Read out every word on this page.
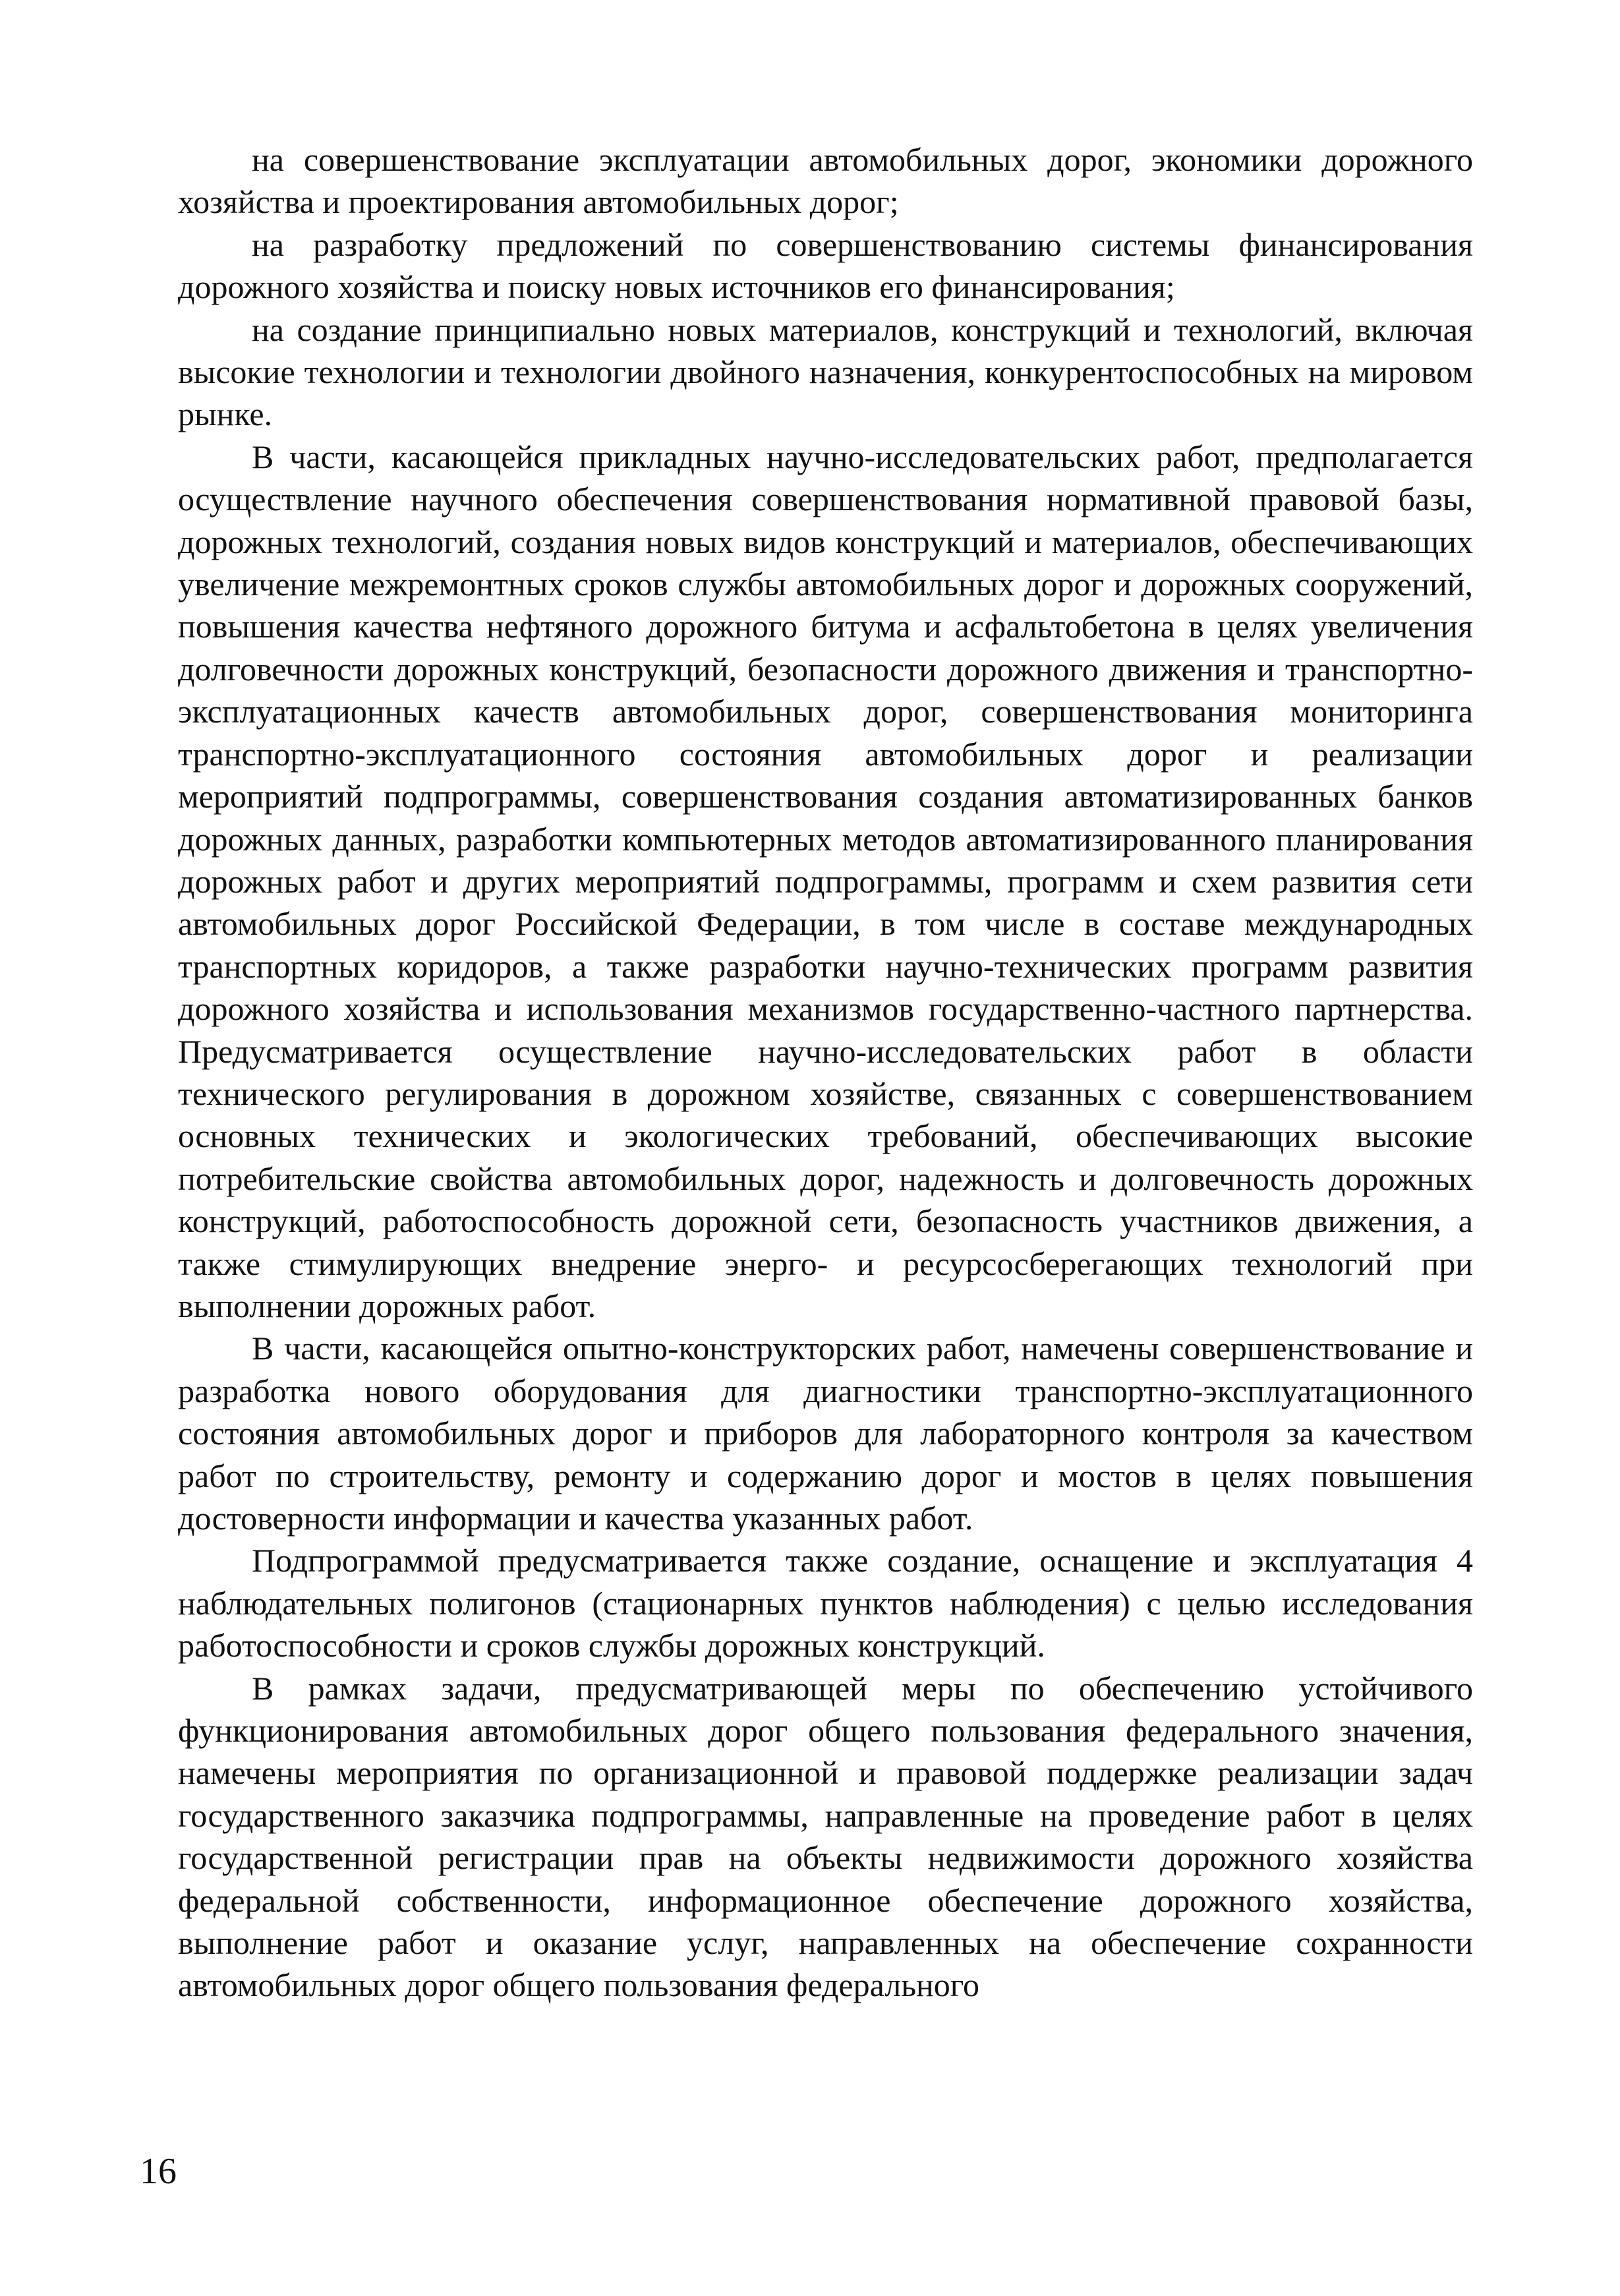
на совершенствование эксплуатации автомобильных дорог, экономики дорожного хозяйства и проектирования автомобильных дорог;

на разработку предложений по совершенствованию системы финансирования дорожного хозяйства и поиску новых источников его финансирования;

на создание принципиально новых материалов, конструкций и технологий, включая высокие технологии и технологии двойного назначения, конкурентоспособных на мировом рынке.

В части, касающейся прикладных научно-исследовательских работ, предполагается осуществление научного обеспечения совершенствования нормативной правовой базы, дорожных технологий, создания новых видов конструкций и материалов, обеспечивающих увеличение межремонтных сроков службы автомобильных дорог и дорожных сооружений, повышения качества нефтяного дорожного битума и асфальтобетона в целях увеличения долговечности дорожных конструкций, безопасности дорожного движения и транспортно-эксплуатационных качеств автомобильных дорог, совершенствования мониторинга транспортно-эксплуатационного состояния автомобильных дорог и реализации мероприятий подпрограммы, совершенствования создания автоматизированных банков дорожных данных, разработки компьютерных методов автоматизированного планирования дорожных работ и других мероприятий подпрограммы, программ и схем развития сети автомобильных дорог Российской Федерации, в том числе в составе международных транспортных коридоров, а также разработки научно-технических программ развития дорожного хозяйства и использования механизмов государственно-частного партнерства. Предусматривается осуществление научно-исследовательских работ в области технического регулирования в дорожном хозяйстве, связанных с совершенствованием основных технических и экологических требований, обеспечивающих высокие потребительские свойства автомобильных дорог, надежность и долговечность дорожных конструкций, работоспособность дорожной сети, безопасность участников движения, а также стимулирующих внедрение энерго- и ресурсосберегающих технологий при выполнении дорожных работ.

В части, касающейся опытно-конструкторских работ, намечены совершенствование и разработка нового оборудования для диагностики транспортно-эксплуатационного состояния автомобильных дорог и приборов для лабораторного контроля за качеством работ по строительству, ремонту и содержанию дорог и мостов в целях повышения достоверности информации и качества указанных работ.

Подпрограммой предусматривается также создание, оснащение и эксплуатация 4 наблюдательных полигонов (стационарных пунктов наблюдения) с целью исследования работоспособности и сроков службы дорожных конструкций.

В рамках задачи, предусматривающей меры по обеспечению устойчивого функционирования автомобильных дорог общего пользования федерального значения, намечены мероприятия по организационной и правовой поддержке реализации задач государственного заказчика подпрограммы, направленные на проведение работ в целях государственной регистрации прав на объекты недвижимости дорожного хозяйства федеральной собственности, информационное обеспечение дорожного хозяйства, выполнение работ и оказание услуг, направленных на обеспечение сохранности автомобильных дорог общего пользования федерального

16
